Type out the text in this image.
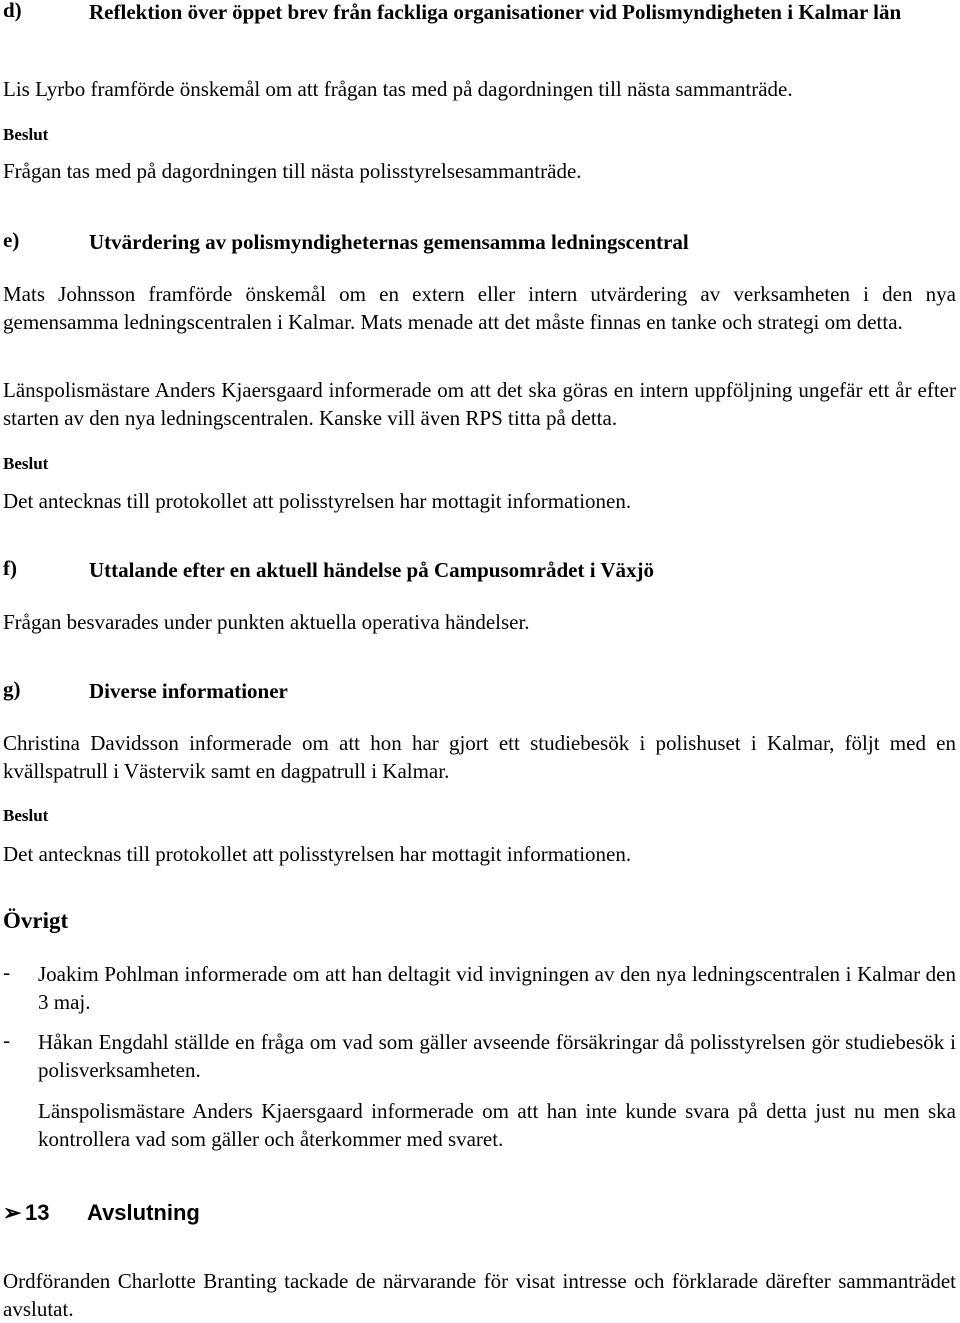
d)	Reflektion över öppet brev från fackliga organisationer vid Polismyndigheten i Kalmar län

Lis Lyrbo framförde önskemål om att frågan tas med på dagordningen till nästa sammanträde.

Beslut

Frågan tas med på dagordningen till nästa polisstyrelsesammanträde.

e)	Utvärdering av polismyndigheternas gemensamma ledningscentral

Mats Johnsson framförde önskemål om en extern eller intern utvärdering av verksamheten i den nya gemensamma ledningscentralen i Kalmar. Mats menade att det måste finnas en tanke och strategi om detta.

Länspolismästare Anders Kjaersgaard informerade om att det ska göras en intern uppföljning ungefär ett år efter starten av den nya ledningscentralen. Kanske vill även RPS titta på detta.

Beslut

Det antecknas till protokollet att polisstyrelsen har mottagit informationen.

f)	Uttalande efter en aktuell händelse på Campusområdet i Växjö

Frågan besvarades under punkten aktuella operativa händelser.

g)	Diverse informationer

Christina Davidsson informerade om att hon har gjort ett studiebesök i polishuset i Kalmar, följt med en kvällspatrull i Västervik samt en dagpatrull i Kalmar.

Beslut

Det antecknas till protokollet att polisstyrelsen har mottagit informationen.

Övrigt

-	Joakim Pohlman informerade om att han deltagit vid invigningen av den nya ledningscentralen i Kalmar den 3 maj.

-	Håkan Engdahl ställde en fråga om vad som gäller avseende försäkringar då polisstyrelsen gör studiebesök i polisverksamheten.

Länspolismästare Anders Kjaersgaard informerade om att han inte kunde svara på detta just nu men ska kontrollera vad som gäller och återkommer med svaret.

➢ 13	Avslutning

Ordföranden Charlotte Branting tackade de närvarande för visat intresse och förklarade därefter sammanträdet avslutat.
